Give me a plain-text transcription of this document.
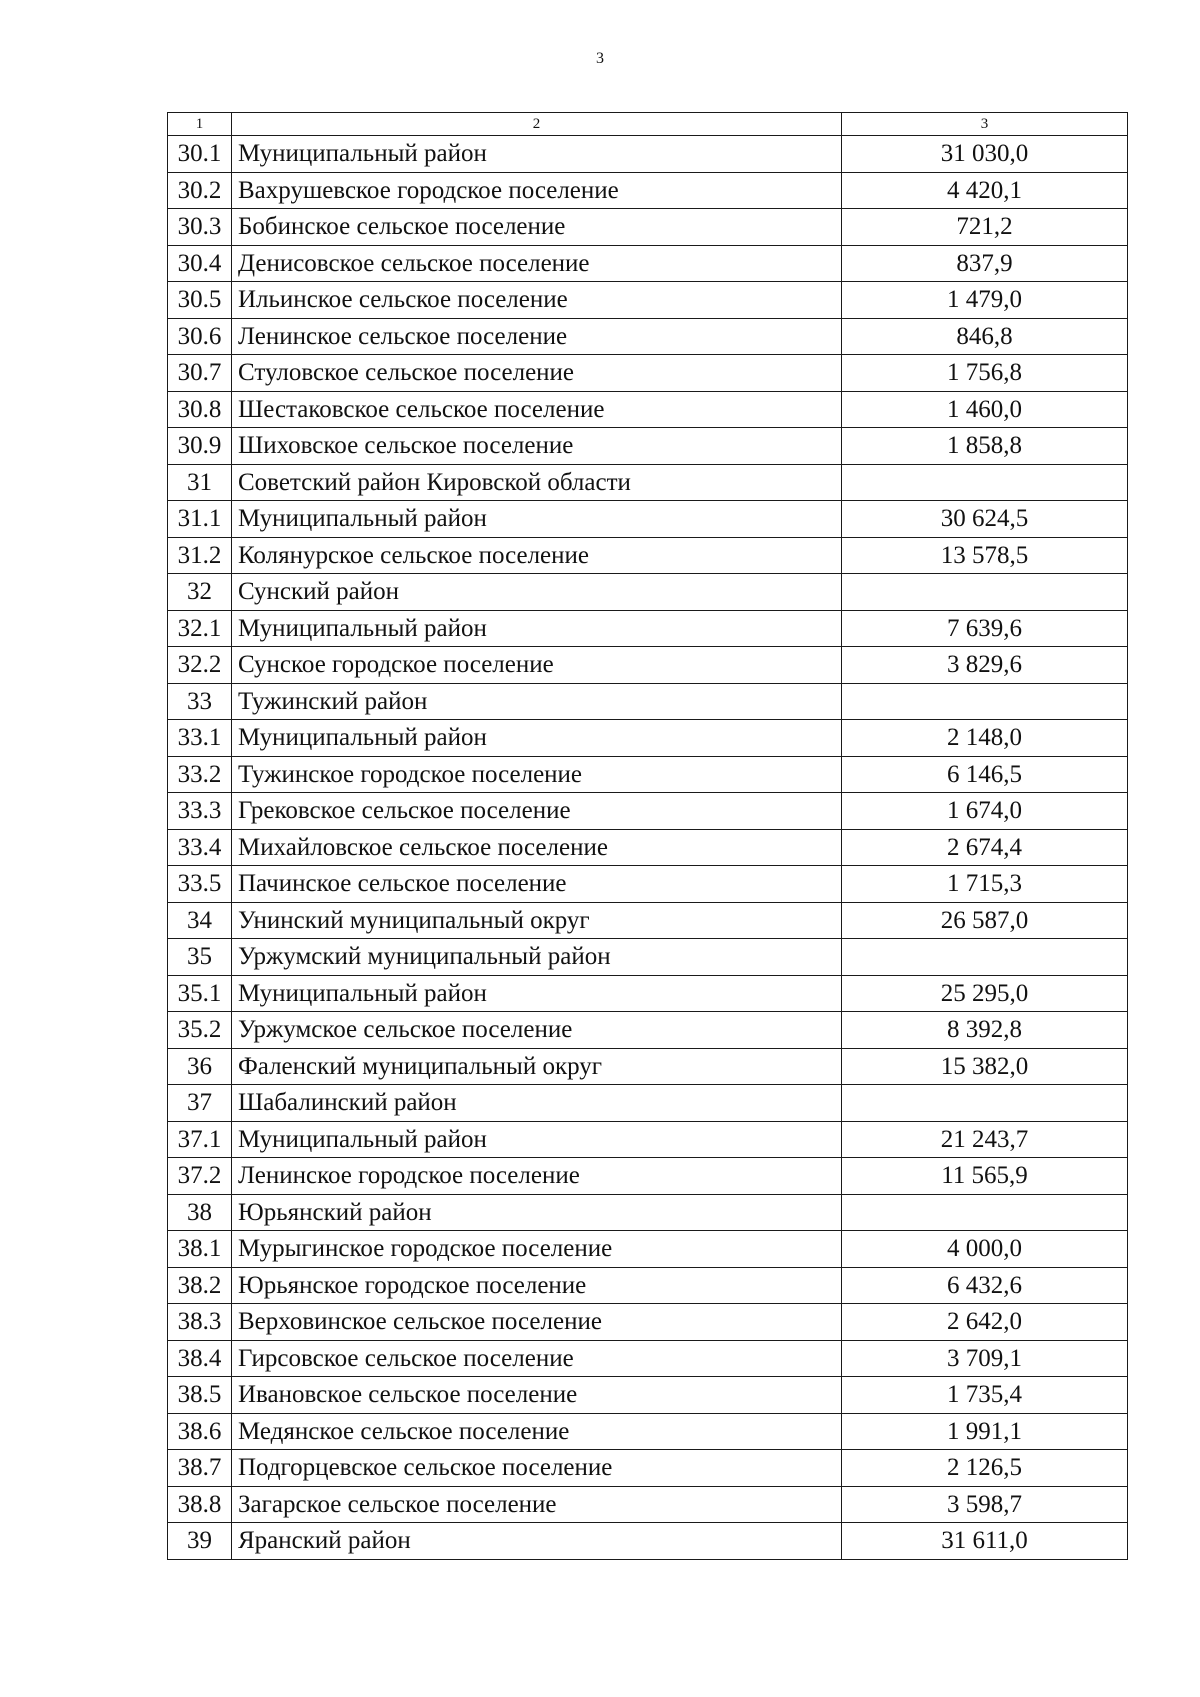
3
1	2	3
30.1	Муниципальный район	31 030,0
30.2	Вахрушевское городское поселение	4 420,1
30.3	Бобинское сельское поселение	721,2
30.4	Денисовское сельское поселение	837,9
30.5	Ильинское сельское поселение	1 479,0
30.6	Ленинское сельское поселение	846,8
30.7	Стуловское сельское поселение	1 756,8
30.8	Шестаковское сельское поселение	1 460,0
30.9	Шиховское сельское поселение	1 858,8
31	Советский район Кировской области	
31.1	Муниципальный район	30 624,5
31.2	Колянурское сельское поселение	13 578,5
32	Сунский район	
32.1	Муниципальный район	7 639,6
32.2	Сунское городское поселение	3 829,6
33	Тужинский район	
33.1	Муниципальный район	2 148,0
33.2	Тужинское городское поселение	6 146,5
33.3	Грековское сельское поселение	1 674,0
33.4	Михайловское сельское поселение	2 674,4
33.5	Пачинское сельское поселение	1 715,3
34	Унинский муниципальный округ	26 587,0
35	Уржумский муниципальный район	
35.1	Муниципальный район	25 295,0
35.2	Уржумское сельское поселение	8 392,8
36	Фаленский муниципальный округ	15 382,0
37	Шабалинский район	
37.1	Муниципальный район	21 243,7
37.2	Ленинское городское поселение	11 565,9
38	Юрьянский район	
38.1	Мурыгинское городское поселение	4 000,0
38.2	Юрьянское городское поселение	6 432,6
38.3	Верховинское сельское поселение	2 642,0
38.4	Гирсовское сельское поселение	3 709,1
38.5	Ивановское сельское поселение	1 735,4
38.6	Медянское сельское поселение	1 991,1
38.7	Подгорцевское сельское поселение	2 126,5
38.8	Загарское сельское поселение	3 598,7
39	Яранский район	31 611,0
